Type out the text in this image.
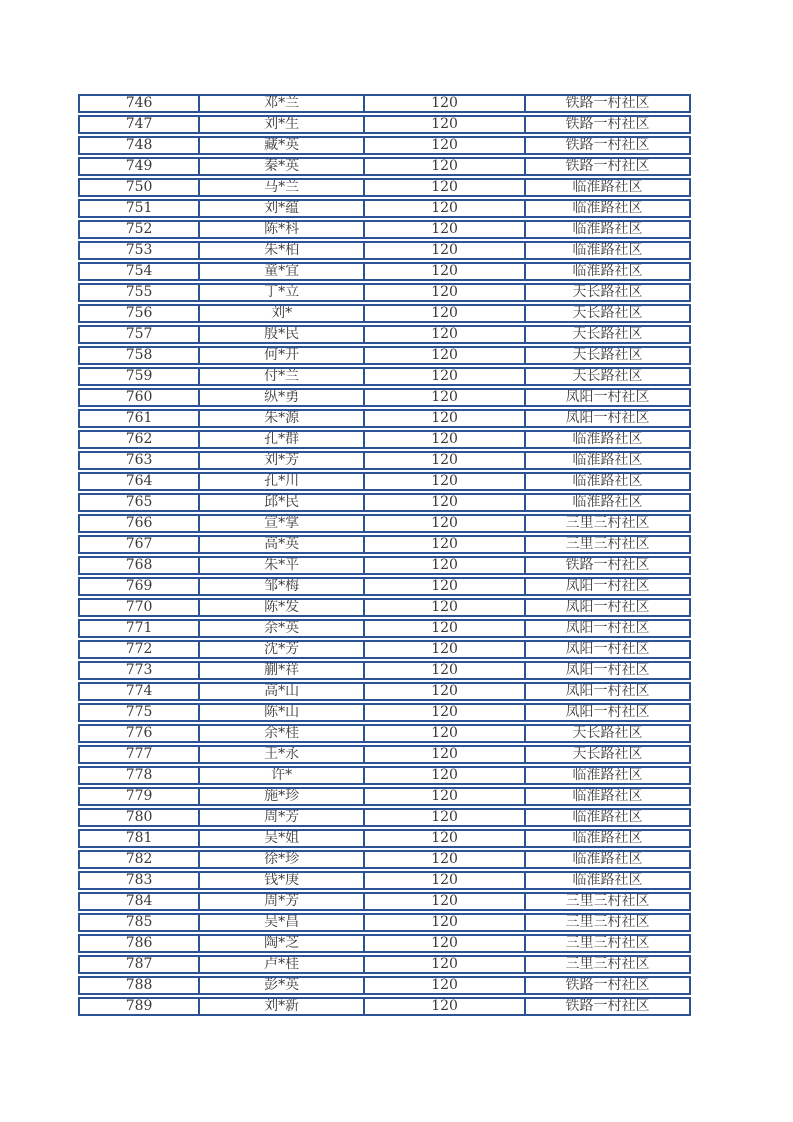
746	邓*兰	120	铁路一村社区
747	刘*生	120	铁路一村社区
748	藏*英	120	铁路一村社区
749	秦*英	120	铁路一村社区
750	马*兰	120	临淮路社区
751	刘*蕴	120	临淮路社区
752	陈*科	120	临淮路社区
753	朱*柏	120	临淮路社区
754	童*宜	120	临淮路社区
755	丁*立	120	天长路社区
756	刘*	120	天长路社区
757	殷*民	120	天长路社区
758	何*开	120	天长路社区
759	付*兰	120	天长路社区
760	纵*勇	120	凤阳一村社区
761	朱*源	120	凤阳一村社区
762	孔*群	120	临淮路社区
763	刘*芳	120	临淮路社区
764	孔*川	120	临淮路社区
765	邱*民	120	临淮路社区
766	宣*掌	120	三里三村社区
767	高*英	120	三里三村社区
768	朱*平	120	铁路一村社区
769	邹*梅	120	凤阳一村社区
770	陈*发	120	凤阳一村社区
771	余*英	120	凤阳一村社区
772	沈*芳	120	凤阳一村社区
773	蒯*祥	120	凤阳一村社区
774	高*山	120	凤阳一村社区
775	陈*山	120	凤阳一村社区
776	余*桂	120	天长路社区
777	王*永	120	天长路社区
778	许*	120	临淮路社区
779	施*珍	120	临淮路社区
780	周*芳	120	临淮路社区
781	吴*姐	120	临淮路社区
782	徐*珍	120	临淮路社区
783	钱*庚	120	临淮路社区
784	周*芳	120	三里三村社区
785	吴*昌	120	三里三村社区
786	陶*芝	120	三里三村社区
787	卢*桂	120	三里三村社区
788	彭*英	120	铁路一村社区
789	刘*新	120	铁路一村社区
